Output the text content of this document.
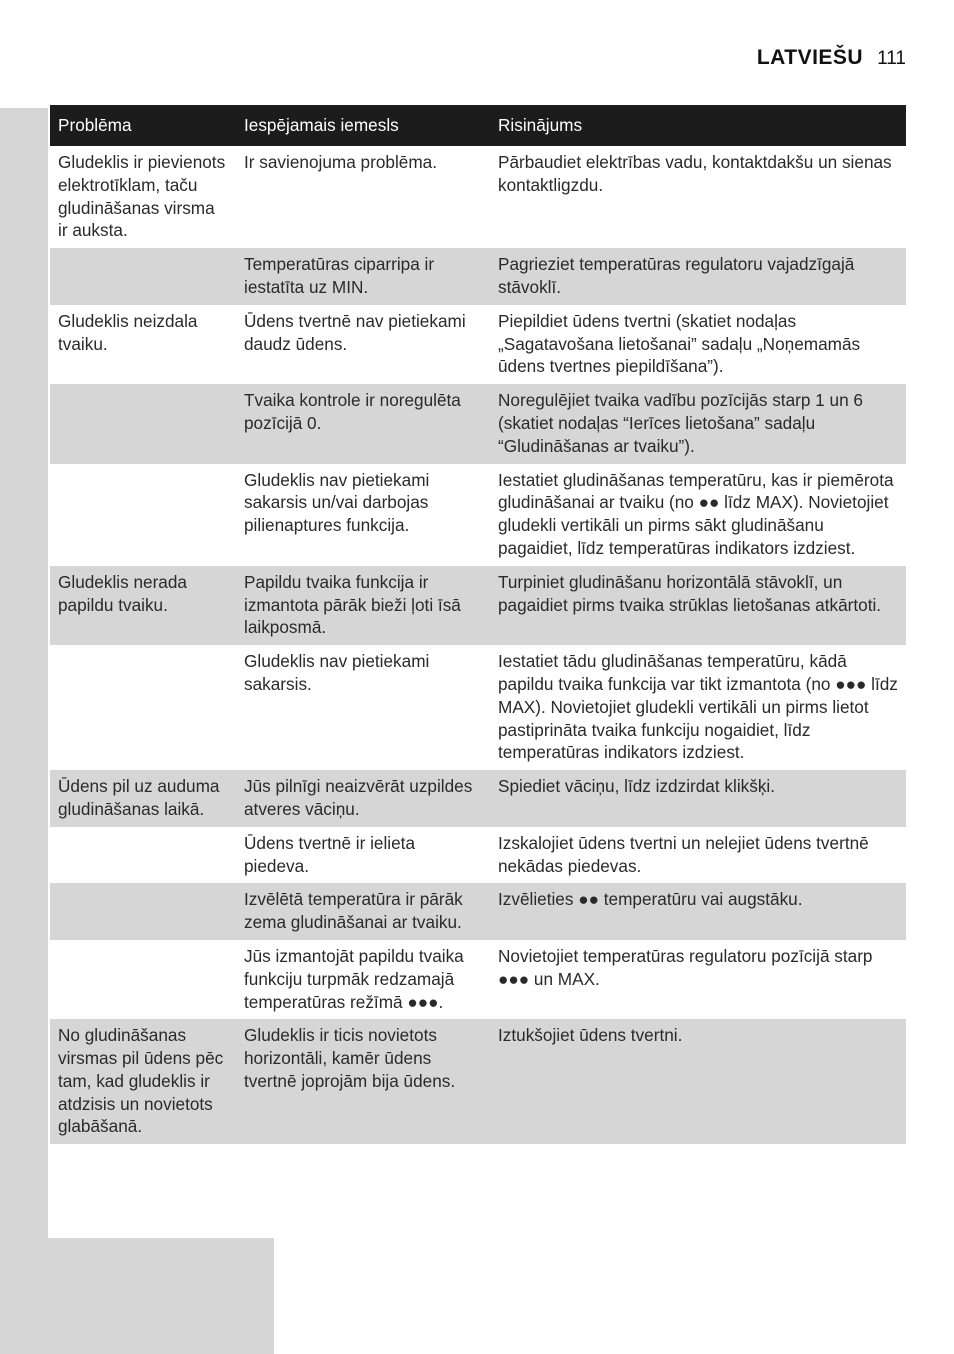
LATVIEŠU 111
Problēma	Iespējamais iemesls	Risinājums
Gludeklis ir pievienots elektrotīklam, taču gludināšanas virsma ir auksta.	Ir savienojuma problēma.	Pārbaudiet elektrības vadu, kontaktdakšu un sienas kontaktligzdu.
	Temperatūras ciparripa ir iestatīta uz MIN.	Pagrieziet temperatūras regulatoru vajadzīgajā stāvoklī.
Gludeklis neizdala tvaiku.	Ūdens tvertnē nav pietiekami daudz ūdens.	Piepildiet ūdens tvertni (skatiet nodaļas „Sagatavošana lietošanai” sadaļu „Noņemamās ūdens tvertnes piepildīšana”).
	Tvaika kontrole ir noregulēta pozīcijā 0.	Noregulējiet tvaika vadību pozīcijās starp 1 un 6 (skatiet nodaļas “Ierīces lietošana” sadaļu “Gludināšanas ar tvaiku”).
	Gludeklis nav pietiekami sakarsis un/vai darbojas pilienaptures funkcija.	Iestatiet gludināšanas temperatūru, kas ir piemērota gludināšanai ar tvaiku (no ●● līdz MAX). Novietojiet gludekli vertikāli un pirms sākt gludināšanu pagaidiet, līdz temperatūras indikators izdziest.
Gludeklis nerada papildu tvaiku.	Papildu tvaika funkcija ir izmantota pārāk bieži ļoti īsā laikposmā.	Turpiniet gludināšanu horizontālā stāvoklī, un pagaidiet pirms tvaika strūklas lietošanas atkārtoti.
	Gludeklis nav pietiekami sakarsis.	Iestatiet tādu gludināšanas temperatūru, kādā papildu tvaika funkcija var tikt izmantota (no ●●● līdz MAX). Novietojiet gludekli vertikāli un pirms lietot pastiprināta tvaika funkciju nogaidiet, līdz temperatūras indikators izdziest.
Ūdens pil uz auduma gludināšanas laikā.	Jūs pilnīgi neaizvērāt uzpildes atveres vāciņu.	Spiediet vāciņu, līdz izdzirdat klikšķi.
	Ūdens tvertnē ir ielieta piedeva.	Izskalojiet ūdens tvertni un nelejiet ūdens tvertnē nekādas piedevas.
	Izvēlētā temperatūra ir pārāk zema gludināšanai ar tvaiku.	Izvēlieties ●● temperatūru vai augstāku.
	Jūs izmantojāt papildu tvaika funkciju turpmāk redzamajā temperatūras režīmā ●●●.	Novietojiet temperatūras regulatoru pozīcijā starp ●●● un MAX.
No gludināšanas virsmas pil ūdens pēc tam, kad gludeklis ir atdzisis un novietots glabāšanā.	Gludeklis ir ticis novietots horizontāli, kamēr ūdens tvertnē joprojām bija ūdens.	Iztukšojiet ūdens tvertni.
